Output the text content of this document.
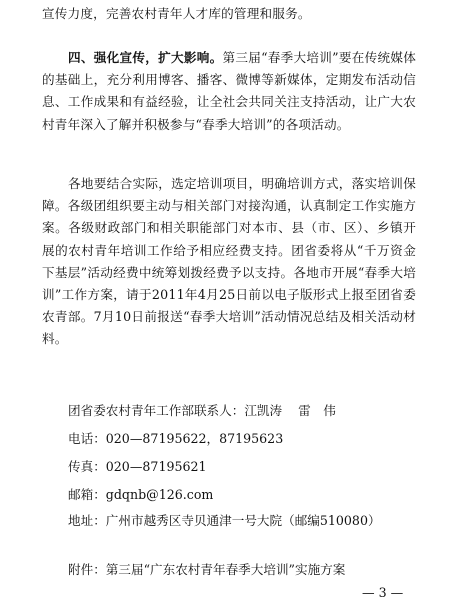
宣传力度，完善农村青年人才库的管理和服务。

四、强化宣传，扩大影响。第三届“春季大培训”要在传统媒体的基础上，充分利用博客、播客、微博等新媒体，定期发布活动信息、工作成果和有益经验，让全社会共同关注支持活动，让广大农村青年深入了解并积极参与“春季大培训”的各项活动。

各地要结合实际，选定培训项目，明确培训方式，落实培训保障。各级团组织要主动与相关部门对接沟通，认真制定工作实施方案。各级财政部门和相关职能部门对本市、县（市、区）、乡镇开展的农村青年培训工作给予相应经费支持。团省委将从“千万资金下基层”活动经费中统筹划拨经费予以支持。各地市开展“春季大培训”工作方案，请于2011年4月25日前以电子版形式上报至团省委农青部。7月10日前报送“春季大培训”活动情况总结及相关活动材料。

团省委农村青年工作部联系人：江凯涛 雷　伟

电话：020—87195622，87195623

传真：020—87195621

邮箱：gdqnb@126.com

地址：广州市越秀区寺贝通津一号大院（邮编510080）

附件：第三届“广东农村青年春季大培训”实施方案

— 3 —
